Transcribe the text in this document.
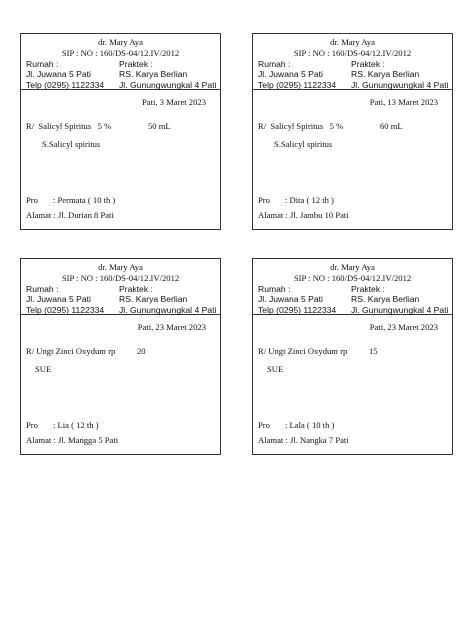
dr. Mary Aya
SIP : NO : 160/DS-04/12.IV/2012
Rumah :	Praktek :
Jl. Juwana 5 Pati	RS. Karya Berlian
Telp (0295) 1122334	Jl. Gunungwungkal 4 Pati
Pati, 3 Maret 2023
R/  Salicyl Spiritus   5 %	50 mL
S.Salicyl spiritus
Pro       : Permata ( 10 th )
Alamat : Jl. Durian 8 Pati
dr. Mary Aya
SIP : NO : 160/DS-04/12.IV/2012
Rumah :	Praktek :
Jl. Juwana 5 Pati	RS. Karya Berlian
Telp (0295) 1122334	Jl. Gunungwungkal 4 Pati
Pati, 13 Maret 2023
R/  Salicyl Spiritus   5 %	60 mL
S.Salicyl spiritus
Pro       : Dita ( 12 th )
Alamat : Jl. Jambu 10 Pati
dr. Mary Aya
SIP : NO : 160/DS-04/12.IV/2012
Rumah :	Praktek :
Jl. Juwana 5 Pati	RS. Karya Berlian
Telp (0295) 1122334	Jl. Gunungwungkal 4 Pati
Pati, 23 Maret 2023
R/ Ungt Zinci Oxydum rp	20
SUE
Pro       : Lia ( 12 th )
Alamat : Jl. Mangga 5 Pati
dr. Mary Aya
SIP : NO : 160/DS-04/12.IV/2012
Rumah :	Praktek :
Jl. Juwana 5 Pati	RS. Karya Berlian
Telp (0295) 1122334	Jl. Gunungwungkal 4 Pati
Pati, 23 Maret 2023
R/ Ungt Zinci Oxydum rp	15
SUE
Pro       : Lala ( 10 th )
Alamat : Jl. Nangka 7 Pati
